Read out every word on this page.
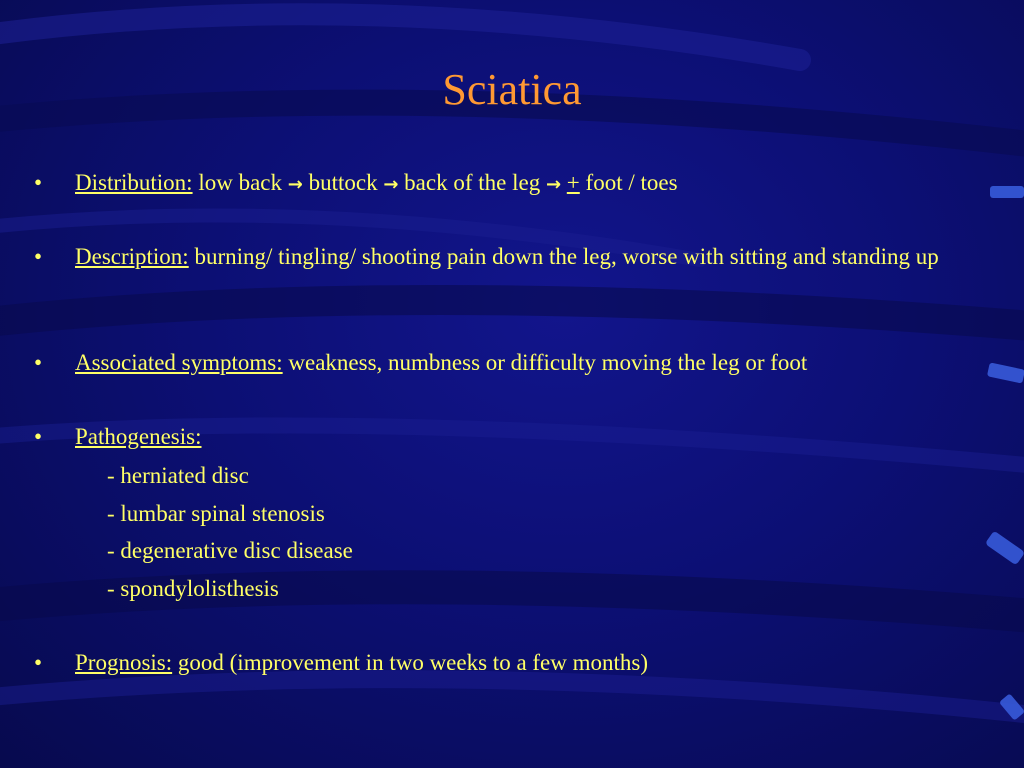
Sciatica
• Distribution: low back → buttock → back of the leg → + foot / toes
• Description: burning/ tingling/ shooting pain down the leg, worse with sitting and standing up
• Associated symptoms: weakness, numbness or difficulty moving the leg or foot
• Pathogenesis:
- herniated disc
- lumbar spinal stenosis
- degenerative disc disease
- spondylolisthesis
• Prognosis: good (improvement in two weeks to a few months)
